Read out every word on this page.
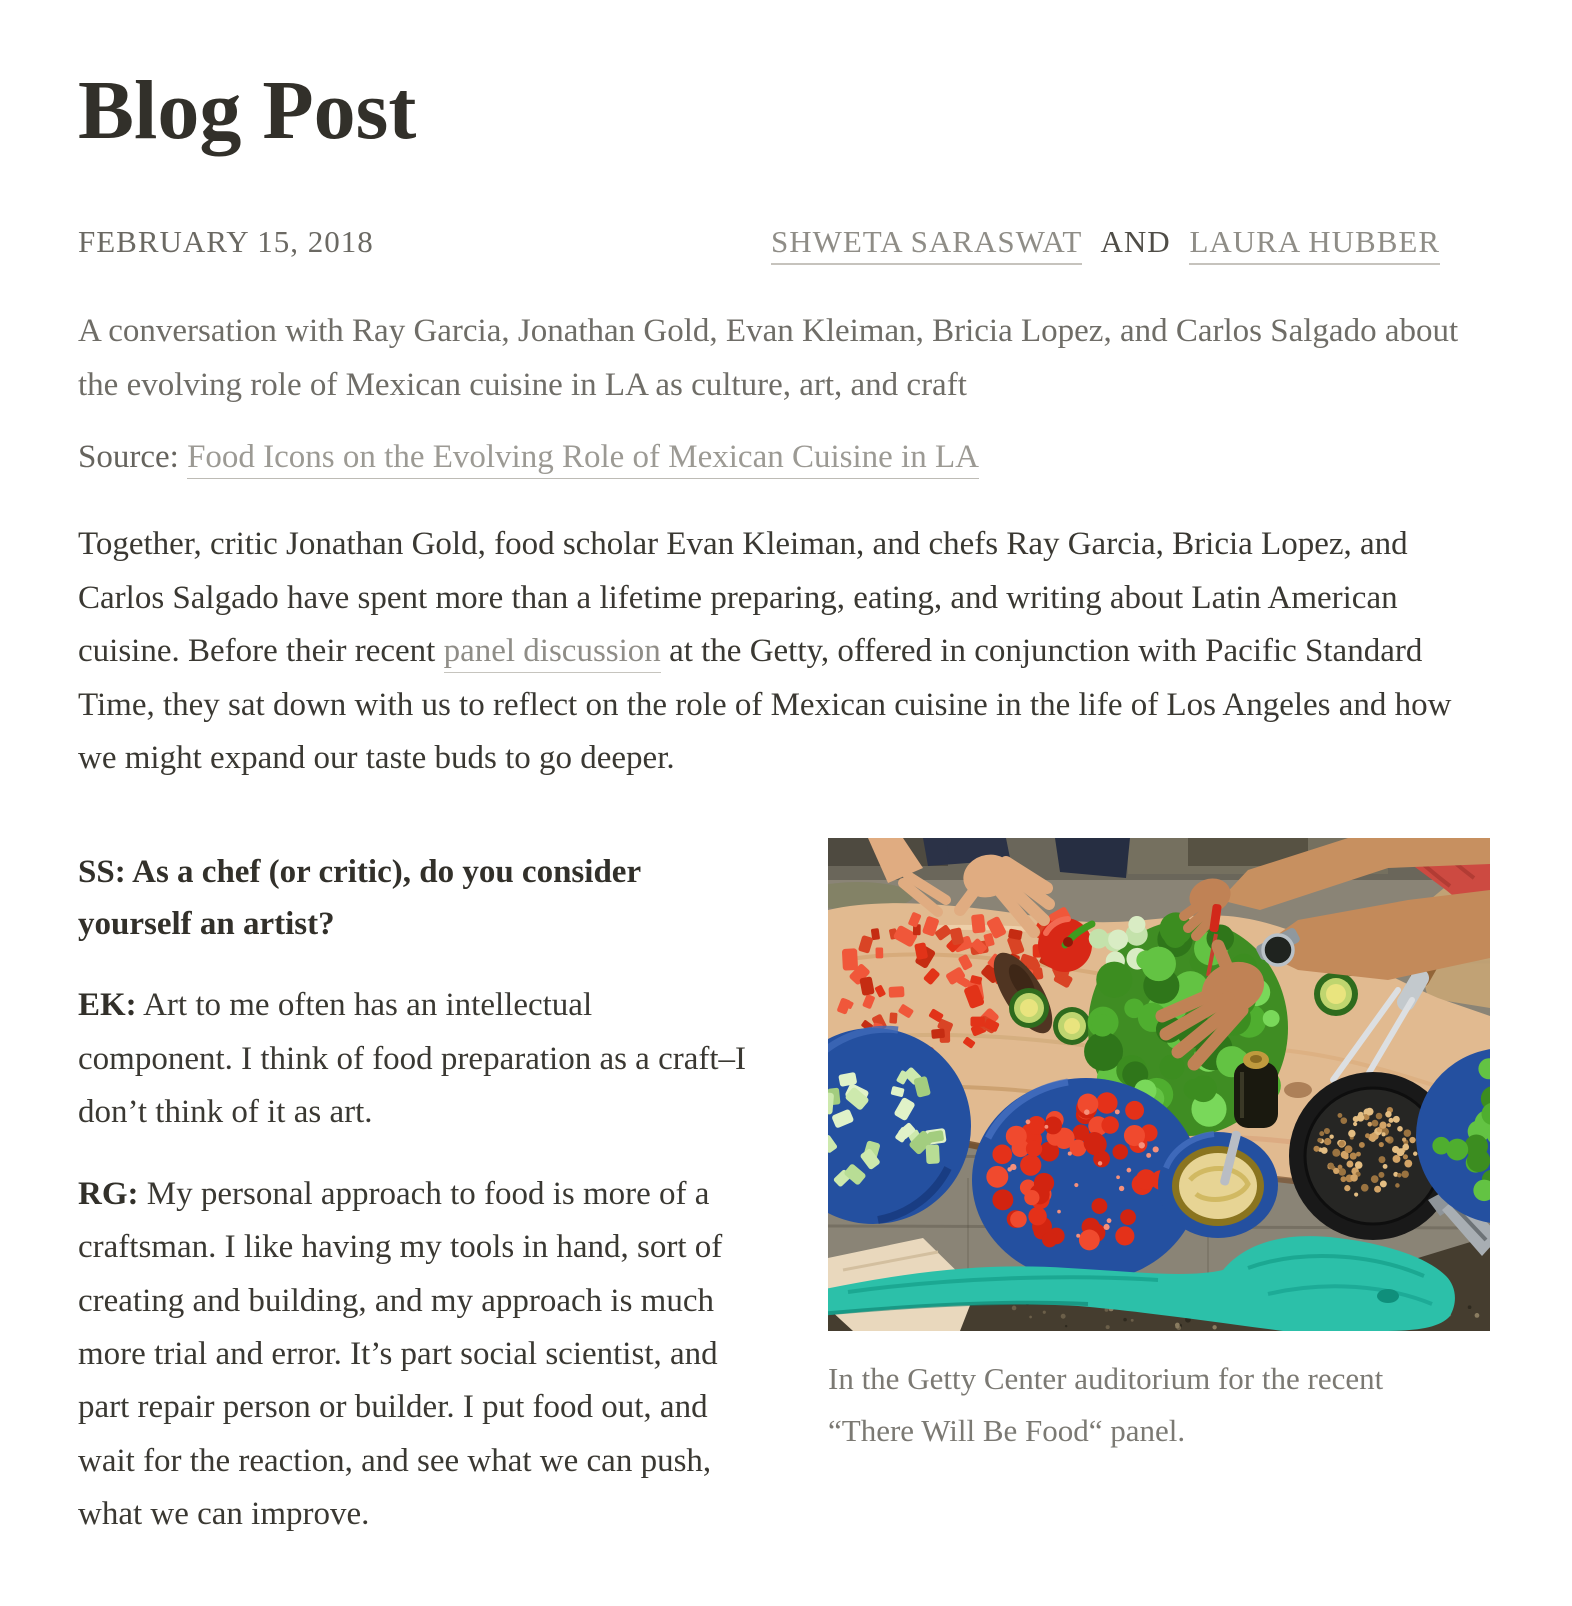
Blog Post
FEBRUARY 15, 2018	SHWETA SARASWAT AND LAURA HUBBER

A conversation with Ray Garcia, Jonathan Gold, Evan Kleiman, Bricia Lopez, and Carlos Salgado about the evolving role of Mexican cuisine in LA as culture, art, and craft

Source: Food Icons on the Evolving Role of Mexican Cuisine in LA

Together, critic Jonathan Gold, food scholar Evan Kleiman, and chefs Ray Garcia, Bricia Lopez, and Carlos Salgado have spent more than a lifetime preparing, eating, and writing about Latin American cuisine. Before their recent panel discussion at the Getty, offered in conjunction with Pacific Standard Time, they sat down with us to reflect on the role of Mexican cuisine in the life of Los Angeles and how we might expand our taste buds to go deeper.

SS: As a chef (or critic), do you consider yourself an artist?

EK: Art to me often has an intellectual component. I think of food preparation as a craft–I don’t think of it as art.

RG: My personal approach to food is more of a craftsman. I like having my tools in hand, sort of creating and building, and my approach is much more trial and error. It’s part social scientist, and part repair person or builder. I put food out, and wait for the reaction, and see what we can push, what we can improve.

In the Getty Center auditorium for the recent “There Will Be Food“ panel.
